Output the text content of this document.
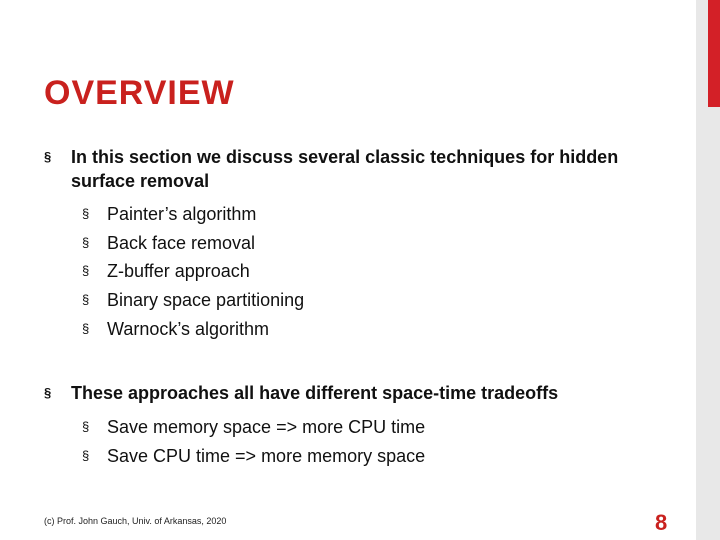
OVERVIEW
§ In this section we discuss several classic techniques for hidden surface removal
§ Painter’s algorithm
§ Back face removal
§ Z-buffer approach
§ Binary space partitioning
§ Warnock’s algorithm
§ These approaches all have different space-time tradeoffs
§ Save memory space => more CPU time
§ Save CPU time => more memory space
(c) Prof. John Gauch, Univ. of Arkansas, 2020	8
